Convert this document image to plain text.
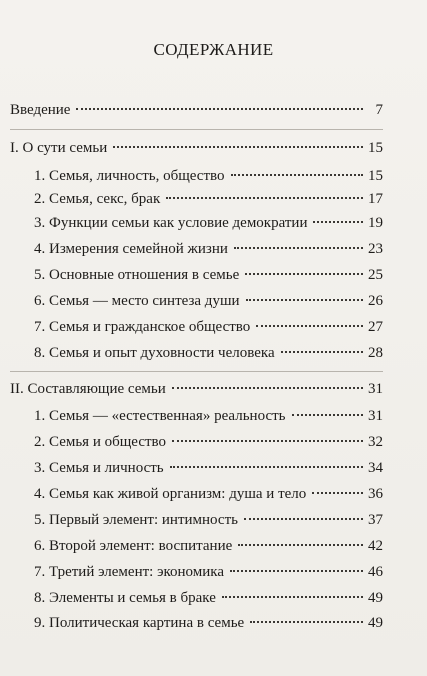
СОДЕРЖАНИЕ
Введение	7
I. О сути семьи	15
1. Семья, личность, общество	15
2. Семья, секс, брак	17
3. Функции семьи как условие демократии	19
4. Измерения семейной жизни	23
5. Основные отношения в семье	25
6. Семья — место синтеза души	26
7. Семья и гражданское общество	27
8. Семья и опыт духовности человека	28
II. Составляющие семьи	31
1. Семья — «естественная» реальность	31
2. Семья и общество	32
3. Семья и личность	34
4. Семья как живой организм: душа и тело	36
5. Первый элемент: интимность	37
6. Второй элемент: воспитание	42
7. Третий элемент: экономика	46
8. Элементы и семья в браке	49
9. Политическая картина в семье	49
